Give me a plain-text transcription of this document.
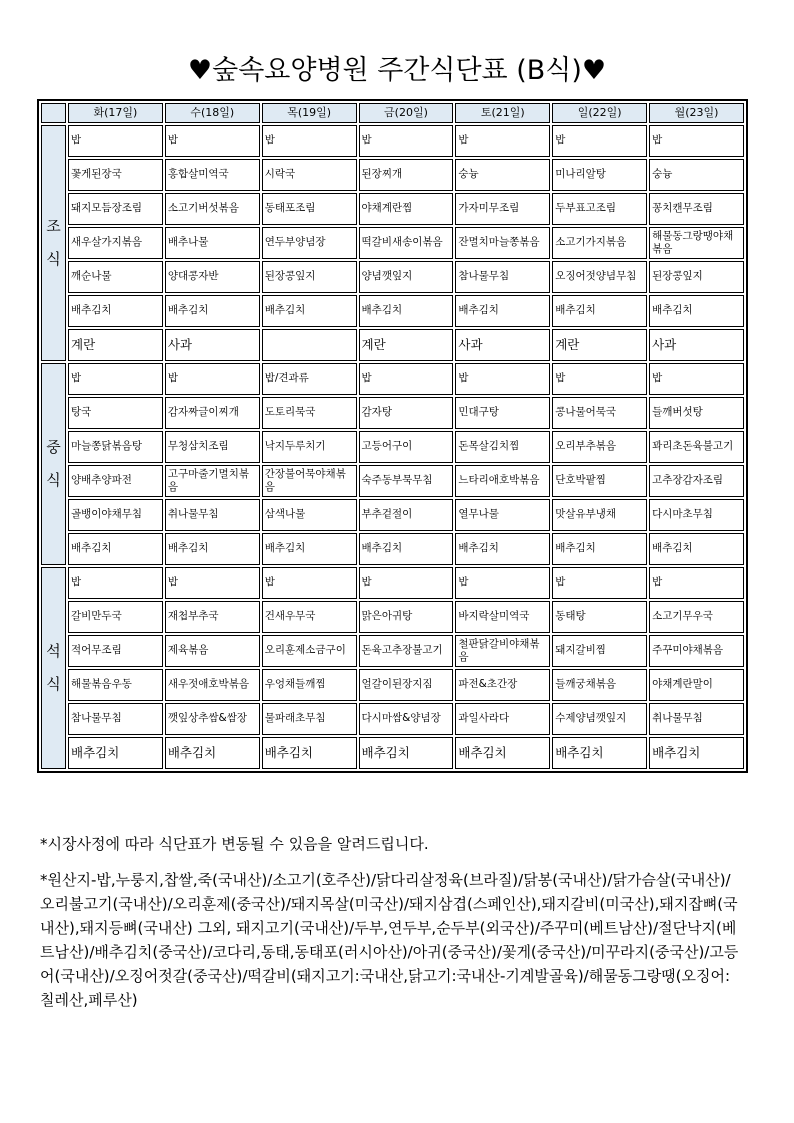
♥숲속요양병원 주간식단표 (B식)♥
	화(17일)	수(18일)	목(19일)	금(20일)	토(21일)	일(22일)	월(23일)
조
식	밥	밥	밥	밥	밥	밥	밥
	꽃게된장국	홍합살미역국	시락국	된장찌개	숭늉	미나리알탕	숭늉
	돼지모듬장조림	소고기버섯볶음	동태포조림	야채계란찜	가자미무조림	두부표고조림	꽁치캔무조림
	새우살가지볶음	배추나물	연두부양념장	떡갈비새송이볶음	잔멸치마늘쫑볶음	소고기가지볶음	해물동그랑땡야채볶음
	깨순나물	양대콩자반	된장콩잎지	양념깻잎지	참나물무침	오징어젓양념무침	된장콩잎지
	배추김치	배추김치	배추김치	배추김치	배추김치	배추김치	배추김치
	계란	사과		계란	사과	계란	사과
중
식	밥	밥	밥/견과류	밥	밥	밥	밥
	탕국	감자짜글이찌개	도토리묵국	감자탕	민대구탕	콩나물어묵국	들깨버섯탕
	마늘쫑닭볶음탕	무청삼치조림	낙지두루치기	고등어구이	돈목살김치찜	오리부추볶음	꽈리초돈육불고기
	양배추양파전	고구마줄기멸치볶음	간장불어묵야채볶음	숙주동부묵무침	느타리애호박볶음	단호박팥찜	고추장감자조림
	골뱅이야채무침	취나물무침	삼색나물	부추겉절이	열무나물	맛살유부냉채	다시마초무침
	배추김치	배추김치	배추김치	배추김치	배추김치	배추김치	배추김치
석
식	밥	밥	밥	밥	밥	밥	밥
	갈비만두국	재첩부추국	건새우무국	맑은아귀탕	바지락살미역국	동태탕	소고기무우국
	적어무조림	제육볶음	오리훈제소금구이	돈육고추장불고기	철판닭갈비야채볶음	돼지갈비찜	주꾸미야채볶음
	해물볶음우동	새우젓애호박볶음	우엉채들깨찜	얼갈이된장지짐	파전&초간장	들깨궁채볶음	야채계란말이
	참나물무침	깻잎상추쌈&쌈장	물파래초무침	다시마쌈&양념장	과일사라다	수제양념깻잎지	취나물무침
	배추김치	배추김치	배추김치	배추김치	배추김치	배추김치	배추김치

*시장사정에 따라 식단표가 변동될 수 있음을 알려드립니다.

*원산지-밥,누룽지,찹쌀,죽(국내산)/소고기(호주산)/닭다리살정육(브라질)/닭봉(국내산)/닭가슴살(국내산)/오리불고기(국내산)/오리훈제(중국산)/돼지목살(미국산)/돼지삼겹(스페인산),돼지갈비(미국산),돼지잡뼈(국내산),돼지등뼈(국내산) 그외, 돼지고기(국내산)/두부,연두부,순두부(외국산)/주꾸미(베트남산)/절단낙지(베트남산)/배추김치(중국산)/코다리,동태,동태포(러시아산)/아귀(중국산)/꽃게(중국산)/미꾸라지(중국산)/고등어(국내산)/오징어젓갈(중국산)/떡갈비(돼지고기:국내산,닭고기:국내산-기계발골육)/해물동그랑땡(오징어:칠레산,페루산)
